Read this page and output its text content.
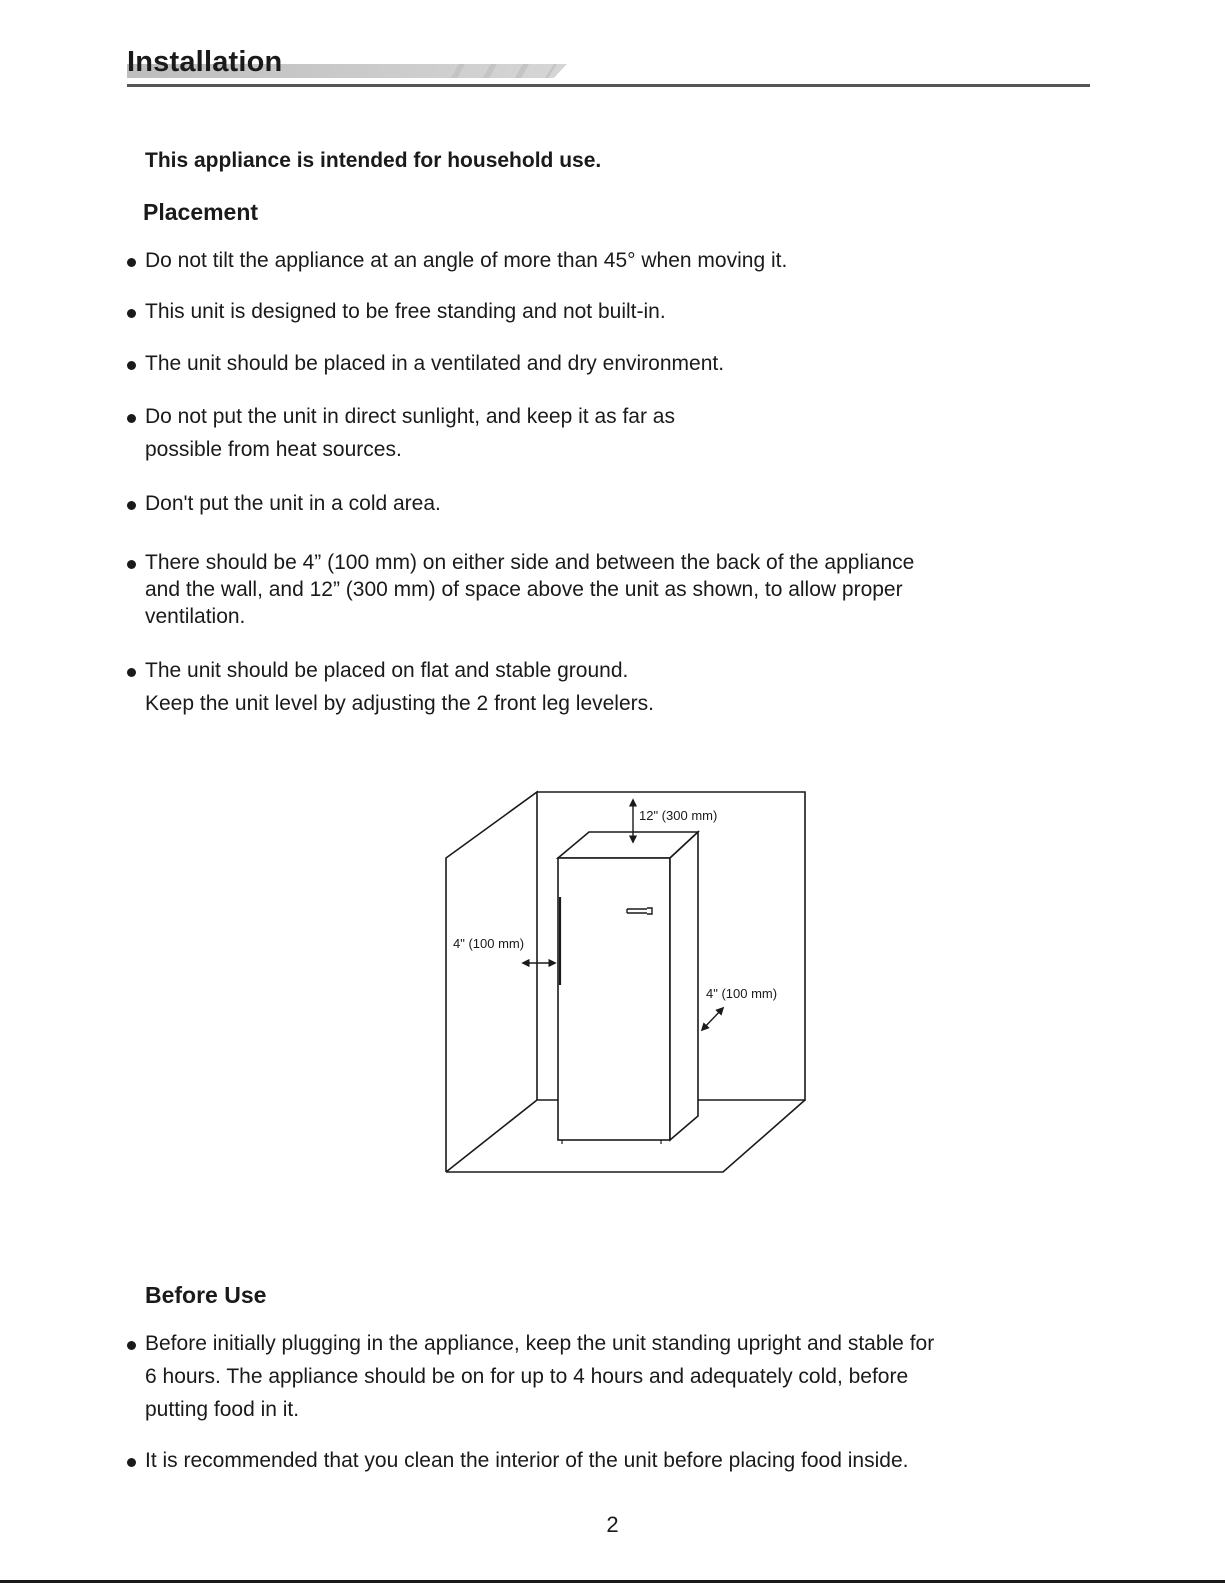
Installation

This appliance is intended for household use.

Placement
Do not tilt the appliance at an angle of more than 45° when moving it.
This unit is designed to be free standing and not built-in.
The unit should be placed in a ventilated and dry environment.
Do not put the unit in direct sunlight, and keep it as far as
possible from heat sources.
Don't put the unit in a cold area.
There should be 4” (100 mm) on either side and between the back of the appliance
and the wall, and 12” (300 mm) of space above the unit as shown, to allow proper
ventilation.
The unit should be placed on flat and stable ground.
Keep the unit level by adjusting the 2 front leg levelers.
12" (300 mm)
4" (100 mm)
4" (100 mm)
Before Use
Before initially plugging in the appliance, keep the unit standing upright and stable for
6 hours. The appliance should be on for up to 4 hours and adequately cold, before
putting food in it.
It is recommended that you clean the interior of the unit before placing food inside.
2
